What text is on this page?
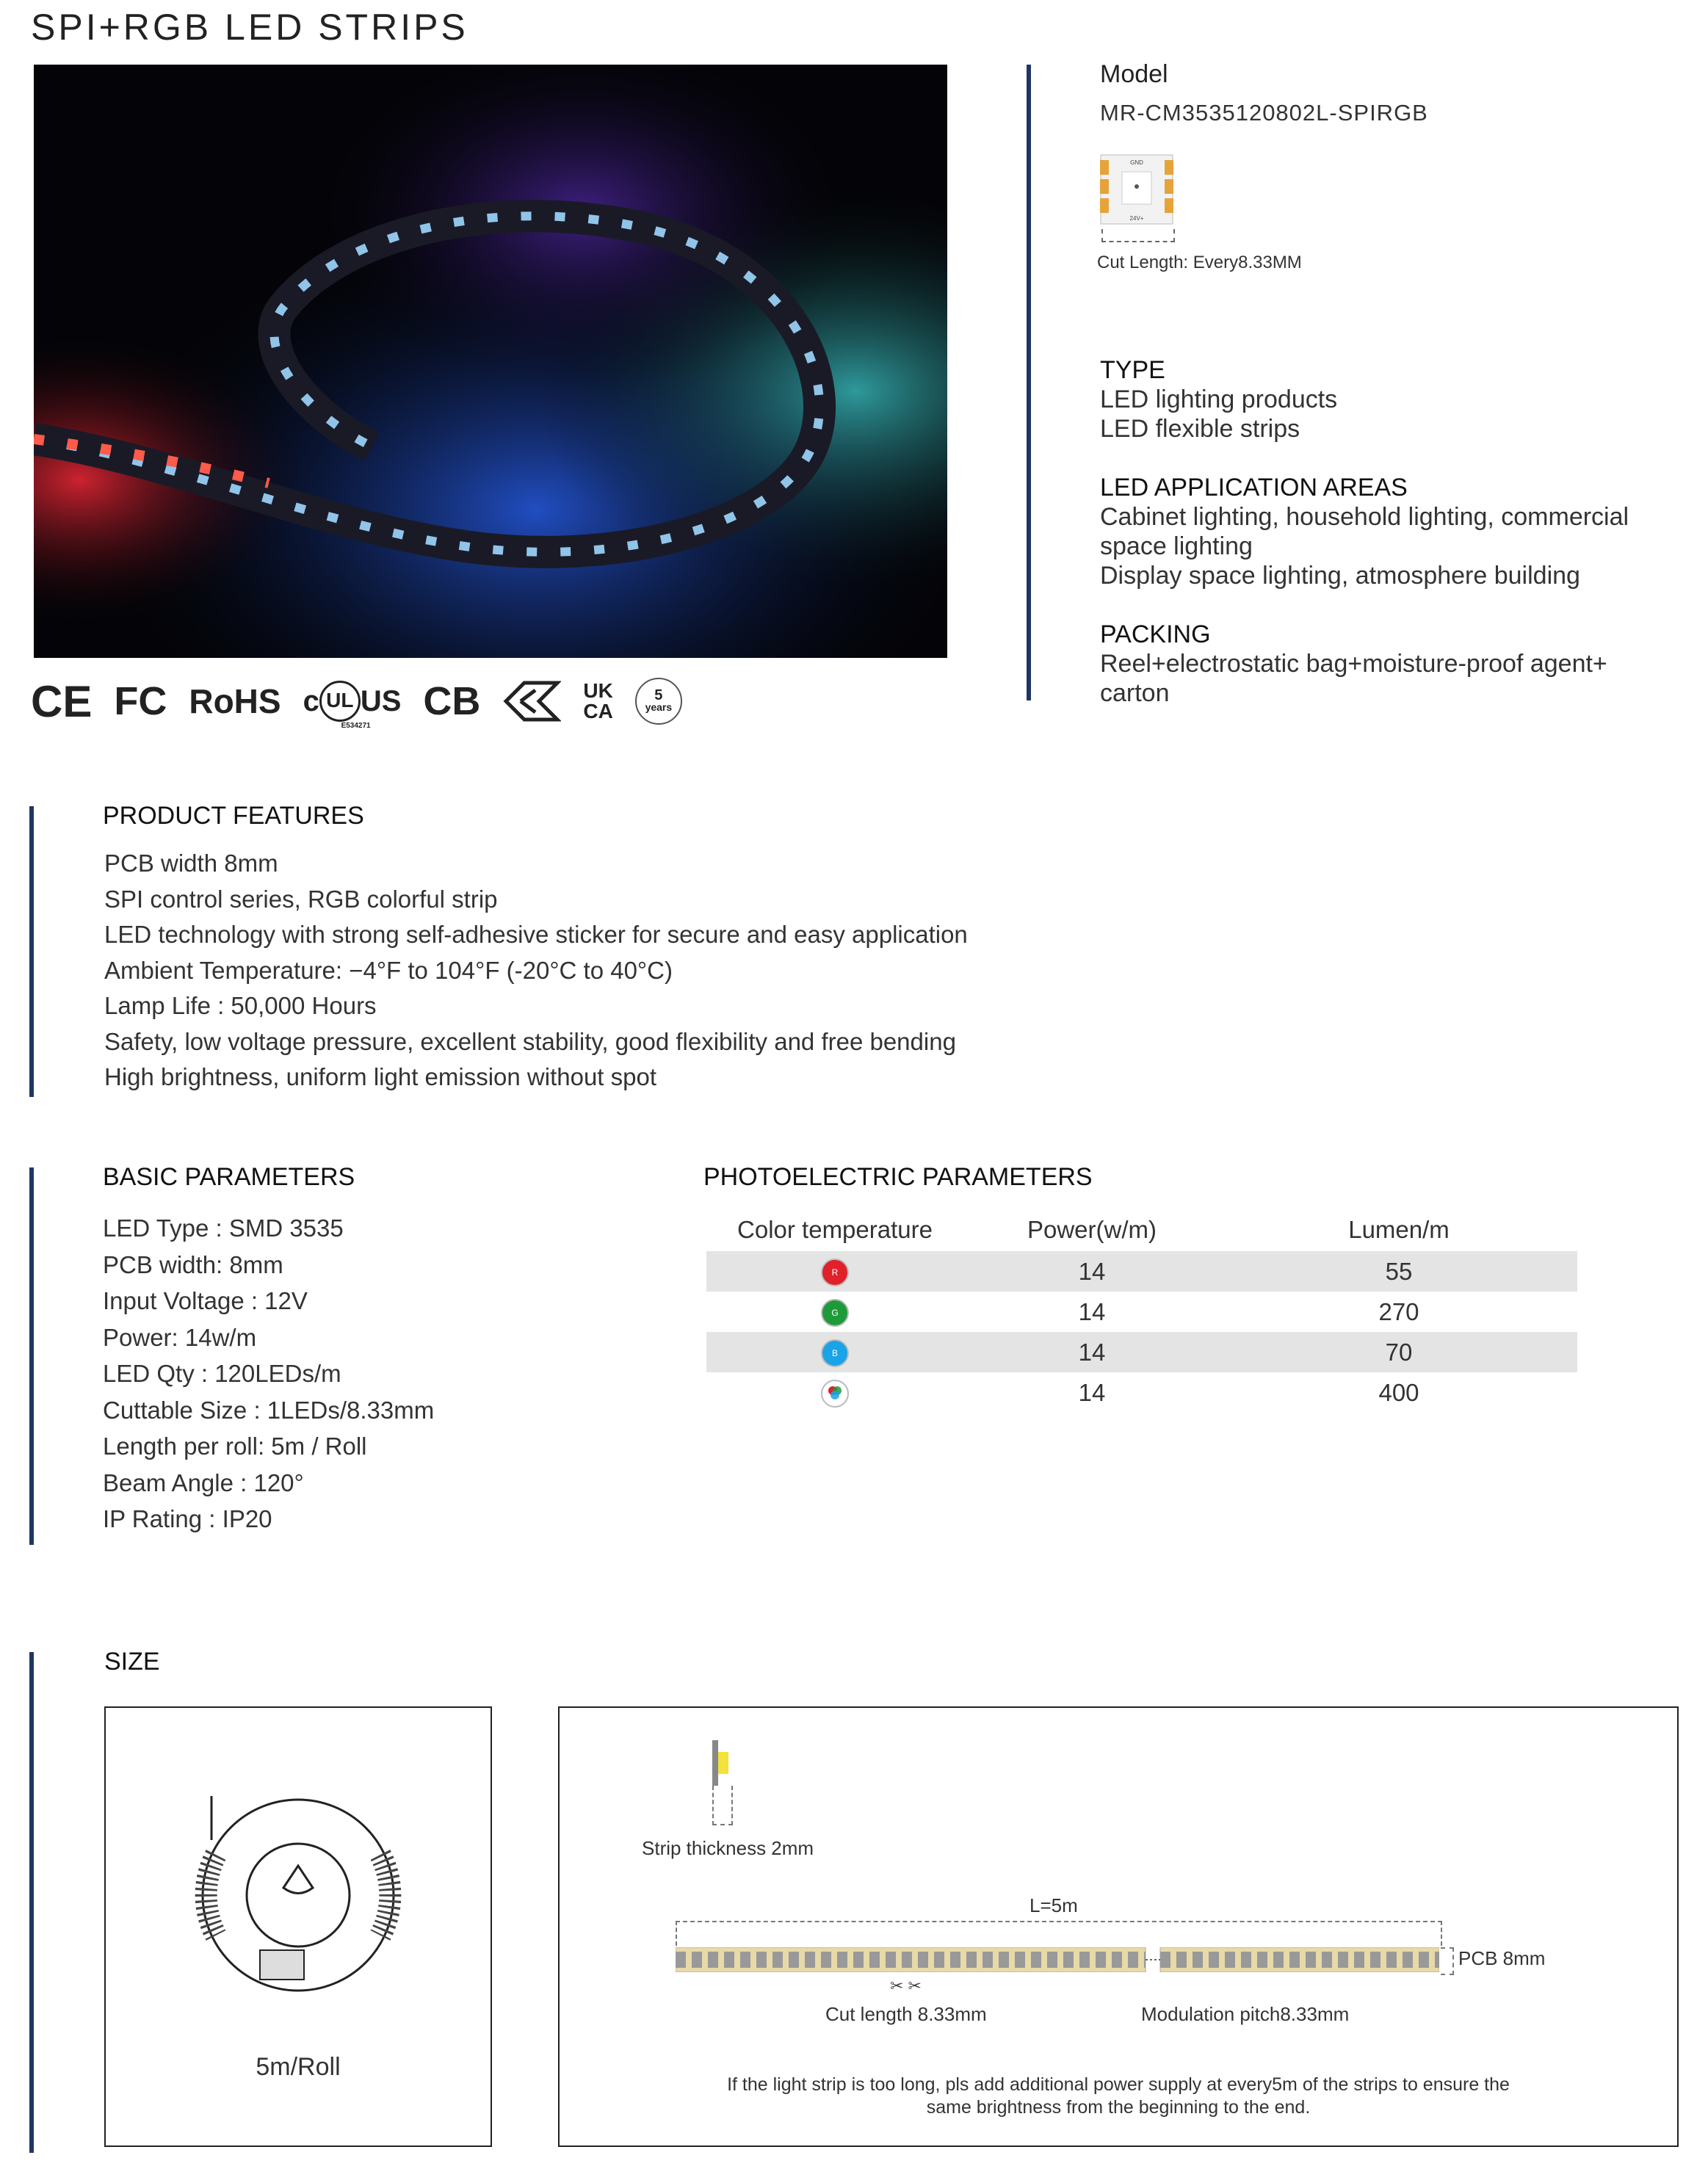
SPI+RGB LED STRIPS
CE FC RoHS c UL US
E534271
CB	UK
CA
5
years
Model
MR-CM3535120802L-SPIRGB
GND
24V+
Cut Length: Every8.33MM
TYPE
LED lighting products
LED flexible strips
LED APPLICATION AREAS
Cabinet lighting, household lighting, commercial
space lighting
Display space lighting, atmosphere building
PACKING
Reel+electrostatic bag+moisture-proof agent+
carton
PRODUCT FEATURES
PCB width 8mm
SPI control series, RGB colorful strip
LED technology with strong self-adhesive sticker for secure and easy application
Ambient Temperature: −4°F to 104°F (-20°C to 40°C)
Lamp Life : 50,000 Hours
Safety, low voltage pressure, excellent stability, good flexibility and free bending
High brightness, uniform light emission without spot
BASIC PARAMETERS
LED Type : SMD 3535
PCB width: 8mm
Input Voltage : 12V
Power: 14w/m
LED Qty : 120LEDs/m
Cuttable Size : 1LEDs/8.33mm
Length per roll: 5m / Roll
Beam Angle : 120°
IP Rating : IP20
PHOTOELECTRIC PARAMETERS
Color temperature	Power(w/m)	Lumen/m
R	14	55
G	14	270
B	14	70

	14	400
SIZE
5m/Roll
Strip thickness 2mm
L=5m
PCB 8mm
✂ ✂
Cut length 8.33mm	Modulation pitch8.33mm
If the light strip is too long, pls add additional power supply at every5m of the strips to ensure the
same brightness from the beginning to the end.
